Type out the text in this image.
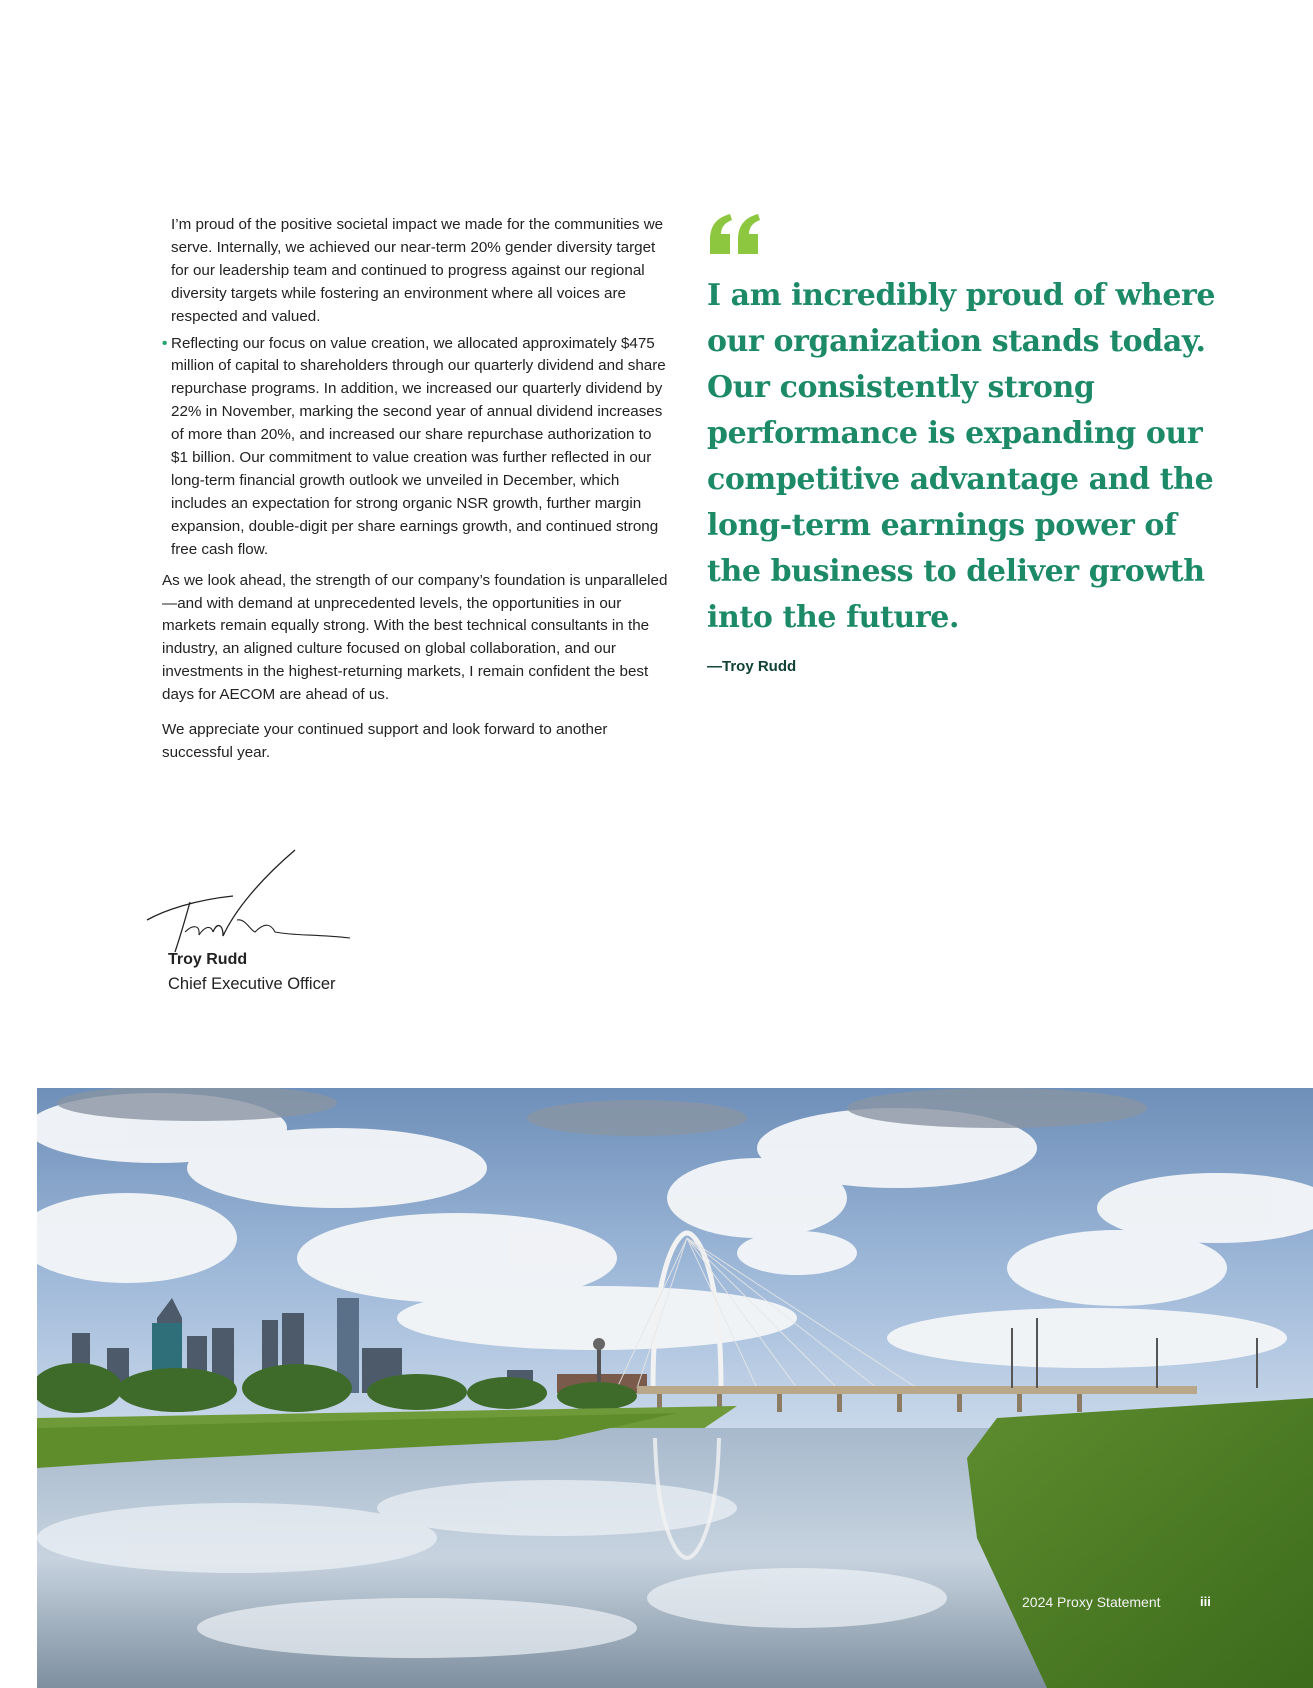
I’m proud of the positive societal impact we made for the communities we serve. Internally, we achieved our near-term 20% gender diversity target for our leadership team and continued to progress against our regional diversity targets while fostering an environment where all voices are respected and valued.

• Reflecting our focus on value creation, we allocated approximately $475 million of capital to shareholders through our quarterly dividend and share repurchase programs. In addition, we increased our quarterly dividend by 22% in November, marking the second year of annual dividend increases of more than 20%, and increased our share repurchase authorization to $1 billion. Our commitment to value creation was further reflected in our long-term financial growth outlook we unveiled in December, which includes an expectation for strong organic NSR growth, further margin expansion, double-digit per share earnings growth, and continued strong free cash flow.

As we look ahead, the strength of our company’s foundation is unparalleled—and with demand at unprecedented levels, the opportunities in our markets remain equally strong. With the best technical consultants in the industry, an aligned culture focused on global collaboration, and our investments in the highest-returning markets, I remain confident the best days for AECOM are ahead of us.

We appreciate your continued support and look forward to another successful year.

Troy Rudd
Chief Executive Officer

I am incredibly proud of where our organization stands today. Our consistently strong performance is expanding our competitive advantage and the long-term earnings power of the business to deliver growth into the future.

—Troy Rudd
2024 Proxy Statement	iii
